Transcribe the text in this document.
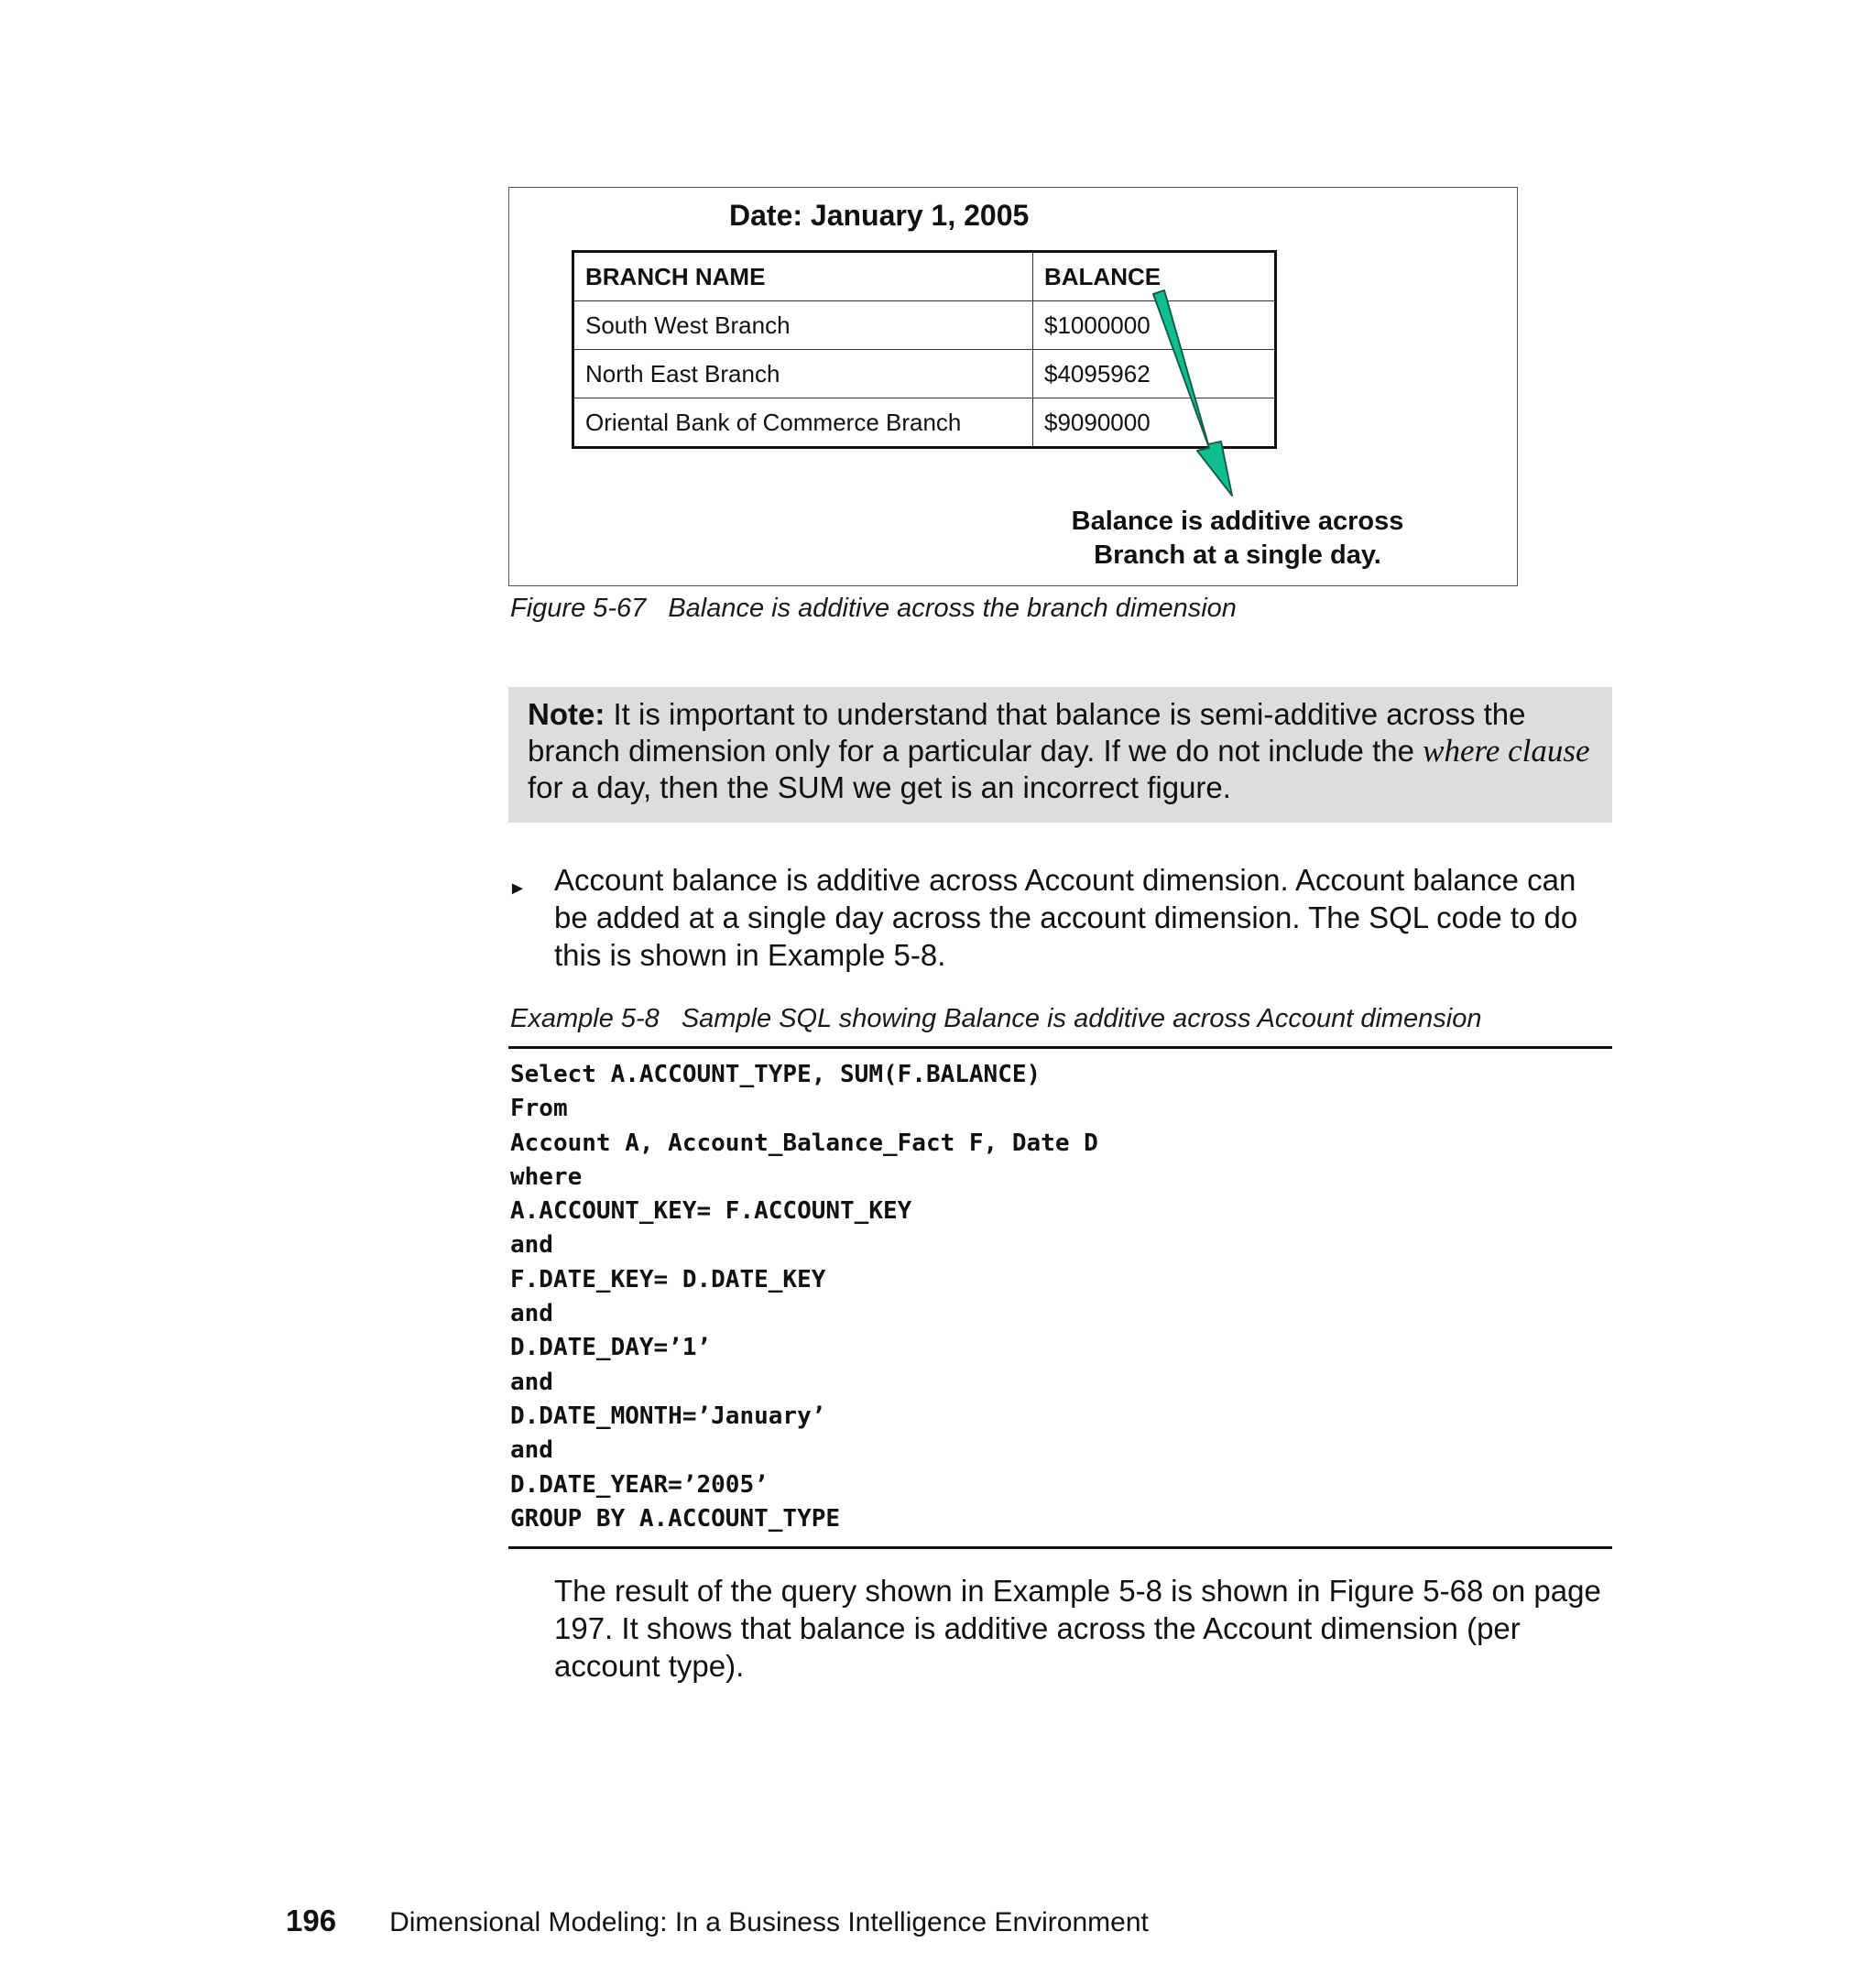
Date: January 1, 2005
BRANCH NAME	BALANCE
South West Branch	$1000000
North East Branch	$4095962
Oriental Bank of Commerce Branch	$9090000
Balance is additive across
Branch at a single day.
Figure 5-67 Balance is additive across the branch dimension
Note: It is important to understand that balance is semi-additive across the branch dimension only for a particular day. If we do not include the where clause for a day, then the SUM we get is an incorrect figure.
► Account balance is additive across Account dimension. Account balance can be added at a single day across the account dimension. The SQL code to do this is shown in Example 5-8.
Example 5-8 Sample SQL showing Balance is additive across Account dimension
Select A.ACCOUNT_TYPE, SUM(F.BALANCE)
From
Account A, Account_Balance_Fact F, Date D
where
A.ACCOUNT_KEY= F.ACCOUNT_KEY
and
F.DATE_KEY= D.DATE_KEY
and
D.DATE_DAY=’1’
and
D.DATE_MONTH=’January’
and
D.DATE_YEAR=’2005’
GROUP BY A.ACCOUNT_TYPE
The result of the query shown in Example 5-8 is shown in Figure 5-68 on page 197. It shows that balance is additive across the Account dimension (per account type).
196 Dimensional Modeling: In a Business Intelligence Environment
